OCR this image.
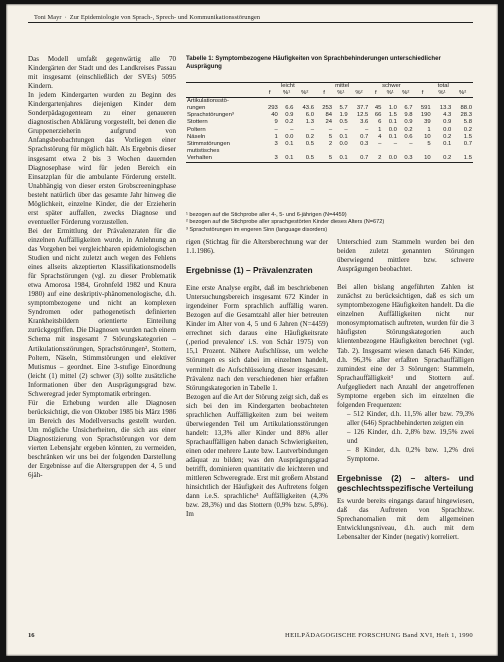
Toni Mayr · Zur Epidemiologie von Sprach-, Sprech- und Kommunikationsstörungen

Das Modell umfaßt gegenwärtig alle 70 Kindergärten der Stadt und des Landkreises Passau mit insgesamt (einschließlich der SVEs) 5095 Kindern.

In jedem Kindergarten wurden zu Beginn des Kindergartenjahres diejenigen Kinder dem Sonderpädagogenteam zu einer genaueren diagnostischen Abklärung vorgestellt, bei denen die Gruppenerzieherin aufgrund von Anfangsbeobachtungen das Vorliegen einer Sprachstörung für möglich hält. Als Ergebnis dieser insgesamt etwa 2 bis 3 Wochen dauernden Diagnosephase wird für jeden Bereich ein Einsatzplan für die ambulante Förderung erstellt. Unabhängig von dieser ersten Grobscreeningphase besteht natürlich über das gesamte Jahr hinweg die Möglichkeit, einzelne Kinder, die der Erzieherin erst später auffallen, zwecks Diagnose und eventueller Förderung vorzustellen.

Bei der Ermittlung der Prävalenzraten für die einzelnen Auffälligkeiten wurde, in Anlehnung an das Vorgehen bei vergleichbaren epidemiologischen Studien und nicht zuletzt auch wegen des Fehlens eines allseits akzeptierten Klassifikationsmodells für Sprachstörungen (vgl. zu dieser Problematik etwa Amorosa 1984, Grohnfeld 1982 und Knura 1980) auf eine deskriptiv-phänomenologische, d.h. symptombezogene und nicht an komplexen Syndromen oder pathogenetisch definierten Krankheitsbildern orientierte Einteilung zurückgegriffen. Die Diagnosen wurden nach einem Schema mit insgesamt 7 Störungskategorien – Artikulationsstörungen, Sprachstörungen², Stottern, Poltern, Näseln, Stimmstörungen und elektiver Mutismus – geordnet. Eine 3-stufige Einordnung (leicht (1) mittel (2) schwer (3)) sollte zusätzliche Informationen über den Ausprägungsgrad bzw. Schweregrad jeder Symptomatik erbringen.

Für die Erhebung wurden alle Diagnosen berücksichtigt, die von Oktober 1985 bis März 1986 im Bereich des Modellversuchs gestellt wurden. Um mögliche Unsicherheiten, die sich aus einer Diagnostizierung von Sprachstörungen vor dem vierten Lebensjahr ergeben könnten, zu vermeiden, beschränken wir uns bei der folgenden Darstellung der Ergebnisse auf die Altersgruppen der 4, 5 und 6jäh-

Tabelle 1: Symptombezogene Häufigkeiten von Sprachbehinderungen unterschiedlicher Ausprägung
	leicht			mittel			schwer			total		
	f	%¹	%²	f	%¹	%²	f	%¹	%²	f	%¹	%²
Artikulationsstö-												
rungen	293	6.6	43.6	253	5.7	37.7	45	1.0	6.7	591	13.3	88.0
Sprachstörungen³	40	0.9	6.0	84	1.9	12.5	66	1.5	9.8	190	4.3	28.3
Stottern	9	0.2	1.3	24	0.5	3.6	6	0.1	0.9	39	0.9	5.8
Poltern	–	–	–	–	–	–	1	0.0	0.2	1	0.0	0.2
Näseln	1	0.0	0.2	5	0.1	0.7	4	0.1	0.6	10	0.2	1.5
Stimmstörungen	3	0.1	0.5	2	0.0	0.3	–	–	–	5	0.1	0.7
mutistisches												
Verhalten	3	0.1	0.5	5	0.1	0.7	2	0.0	0.3	10	0.2	1.5
¹ bezogen auf die Stichprobe aller 4-, 5- und 6-jährigen (N=4459)
² bezogen auf die Stichprobe aller sprachgestörten Kinder dieses Alters (N=672)
³ Sprachstörungen im engeren Sinn (language disorders)

rigen (Stichtag für die Altersberechnung war der 1.1.1986).

Ergebnisse (1) – Prävalenzraten

Eine erste Analyse ergibt, daß im beschriebenen Untersuchungsbereich insgesamt 672 Kinder in irgendeiner Form sprachlich auffällig waren. Bezogen auf die Gesamtzahl aller hier betreuten Kinder im Alter von 4, 5 und 6 Jahren (N=4459) errechnet sich daraus eine Häufigkeitsrate (‚period prevalence' i.S. von Schär 1975) von 15,1 Prozent. Nähere Aufschlüsse, um welche Störungen es sich dabei im einzelnen handelt, vermittelt die Aufschlüsselung dieser insgesamt-Prävalenz nach den verschiedenen hier erfaßten Störungskategorien in Tabelle 1.

Bezogen auf die Art der Störung zeigt sich, daß es sich bei den im Kindergarten beobachteten sprachlichen Auffälligkeiten zum bei weitem überwiegenden Teil um Artikulationsstörungen handelt: 13,3% aller Kinder und 88% aller Sprachauffälligen haben danach Schwierigkeiten, einen oder mehrere Laute bzw. Lautverbindungen adäquat zu bilden; was den Ausprägungsgrad betrifft, dominieren quantitativ die leichteren und mittleren Schweregrade. Erst mit großem Abstand hinsichtlich der Häufigkeit des Auftretens folgen dann i.e.S. sprachliche³ Auffälligkeiten (4,3% bzw. 28,3%) und das Stottern (0,9% bzw. 5,8%). Im

Unterschied zum Stammeln wurden bei den beiden zuletzt genannten Störungen überwiegend mittlere bzw. schwere Ausprägungen beobachtet.

Bei allen bislang angeführten Zahlen ist zunächst zu berücksichtigen, daß es sich um symptombezogene Häufigkeiten handelt. Da die einzelnen Auffälligkeiten nicht nur monosymptomatisch auftreten, wurden für die 3 häufigsten Störungskategorien auch klientenbezogene Häufigkeiten berechnet (vgl. Tab. 2). Insgesamt wiesen danach 646 Kinder, d.h. 96,3% aller erfaßten Sprachauffälligen zumindest eine der 3 Störungen: Stammeln, Sprachauffälligkeit³ und Stottern auf. Aufgegliedert nach Anzahl der angetroffenen Symptome ergeben sich im einzelnen die folgenden Frequenzen:

– 512 Kinder, d.h. 11,5% aller bzw. 79,3% aller (646) Sprachbehinderten zeigten ein

– 126 Kinder, d.h. 2,8% bzw. 19,5% zwei und

– 8 Kinder, d.h. 0,2% bzw. 1,2% drei Symptome.

Ergebnisse (2) – alters- und geschlechtsspezifische Verteilung

Es wurde bereits eingangs darauf hingewiesen, daß das Auftreten von Sprachbzw. Sprechanomalien mit dem allgemeinen Entwicklungsniveau, d.h. auch mit dem Lebensalter der Kinder (negativ) korreliert.

16	HEILPÄDAGOGISCHE FORSCHUNG Band XVI, Heft 1, 1990
